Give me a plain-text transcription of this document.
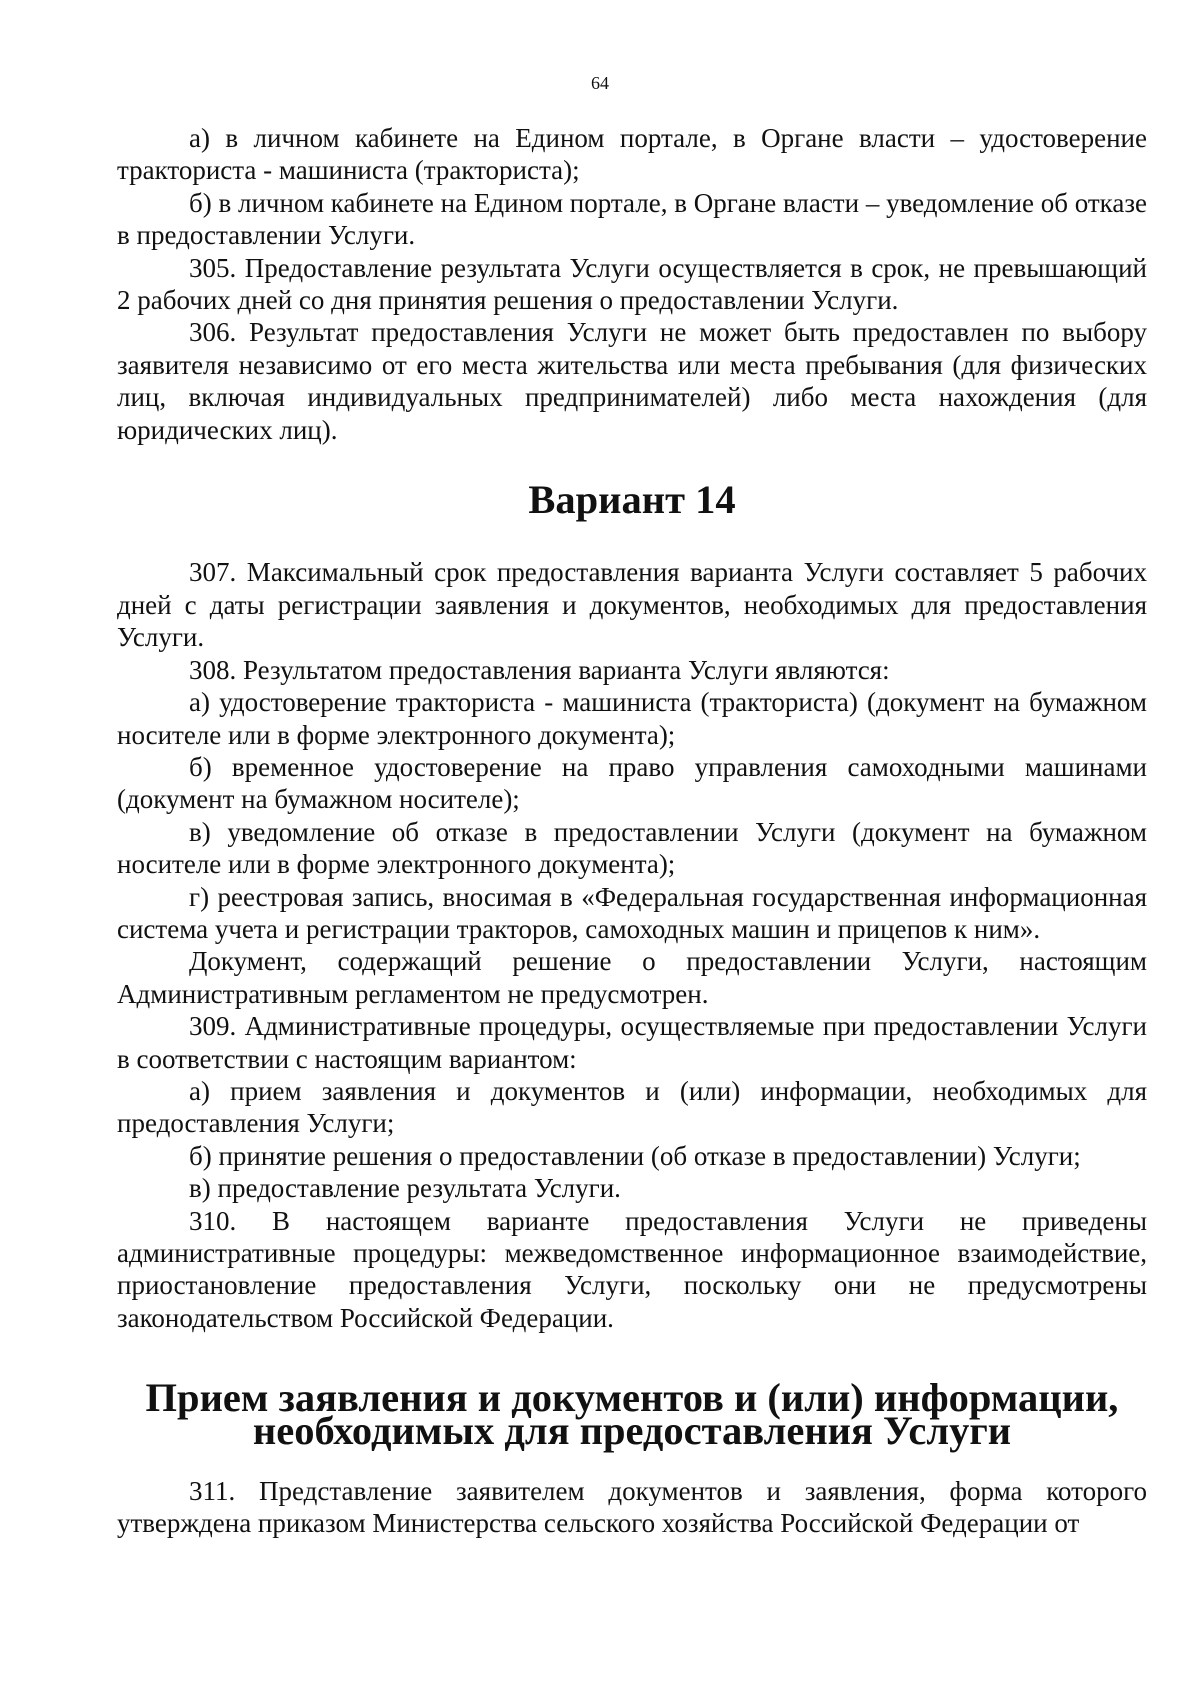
64

а) в личном кабинете на Едином портале, в Органе власти – удостоверение тракториста - машиниста (тракториста);

б) в личном кабинете на Едином портале, в Органе власти – уведомление об отказе в предоставлении Услуги.

305. Предоставление результата Услуги осуществляется в срок, не превышающий 2 рабочих дней со дня принятия решения о предоставлении Услуги.

306. Результат предоставления Услуги не может быть предоставлен по выбору заявителя независимо от его места жительства или места пребывания (для физических лиц, включая индивидуальных предпринимателей) либо места нахождения (для юридических лиц).

Вариант 14

307. Максимальный срок предоставления варианта Услуги составляет 5 рабочих дней с даты регистрации заявления и документов, необходимых для предоставления Услуги.

308. Результатом предоставления варианта Услуги являются:

а) удостоверение тракториста - машиниста (тракториста) (документ на бумажном носителе или в форме электронного документа);

б) временное удостоверение на право управления самоходными машинами (документ на бумажном носителе);

в) уведомление об отказе в предоставлении Услуги (документ на бумажном носителе или в форме электронного документа);

г) реестровая запись, вносимая в «Федеральная государственная информационная система учета и регистрации тракторов, самоходных машин и прицепов к ним».

Документ, содержащий решение о предоставлении Услуги, настоящим Административным регламентом не предусмотрен.

309. Административные процедуры, осуществляемые при предоставлении Услуги в соответствии с настоящим вариантом:

а) прием заявления и документов и (или) информации, необходимых для предоставления Услуги;

б) принятие решения о предоставлении (об отказе в предоставлении) Услуги;

в) предоставление результата Услуги.

310. В настоящем варианте предоставления Услуги не приведены административные процедуры: межведомственное информационное взаимодействие, приостановление предоставления Услуги, поскольку они не предусмотрены законодательством Российской Федерации.

Прием заявления и документов и (или) информации, необходимых для предоставления Услуги

311. Представление заявителем документов и заявления, форма которого утверждена приказом Министерства сельского хозяйства Российской Федерации от
